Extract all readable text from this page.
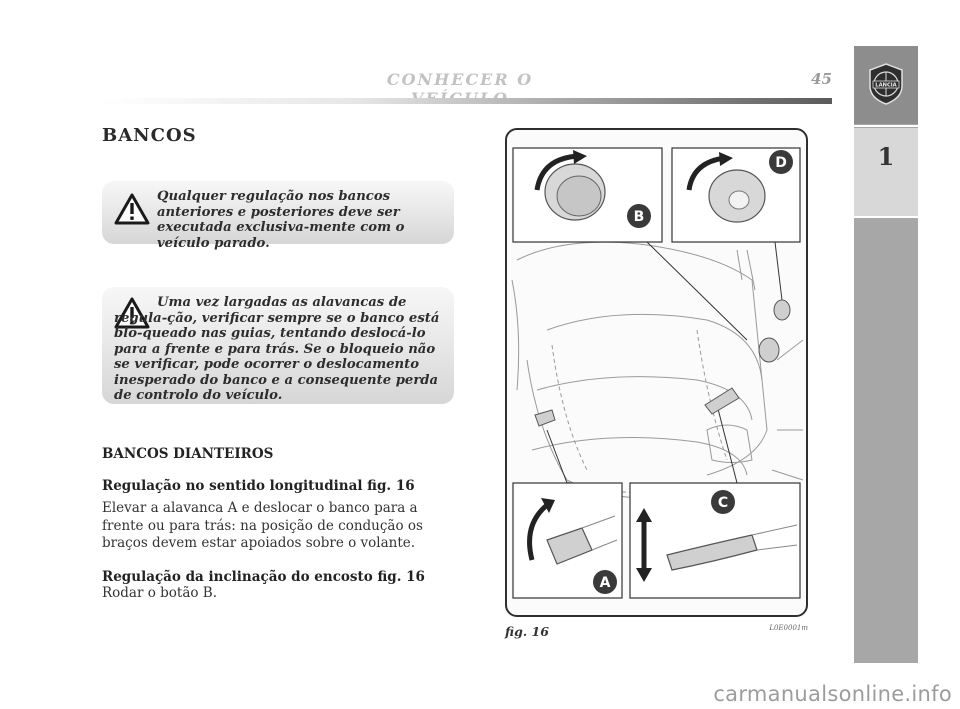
CONHECER O	45	LANCIA
1
BANCOS
Qualquer regulação nos bancos anteriores e posteriores deve ser executada exclusiva-mente com o veículo parado.
Uma vez largadas as alavancas de regula-ção, verificar sempre se o banco está blo-queado nas guias, tentando deslocá-lo para a frente e para trás. Se o bloqueio não se verificar, pode ocorrer o deslocamento inesperado do banco e a consequente perda de controlo do veículo.
BANCOS DIANTEIROS
Regulação no sentido longitudinal fig. 16
Elevar a alavanca A e deslocar o banco para a frente ou para trás: na posição de condução os braços devem estar apoiados sobre o volante.
Regulação da inclinação do encosto fig. 16
Rodar o botão B.
B
D
A
C
fig. 16	L0E0001m
carmanualsonline.info
